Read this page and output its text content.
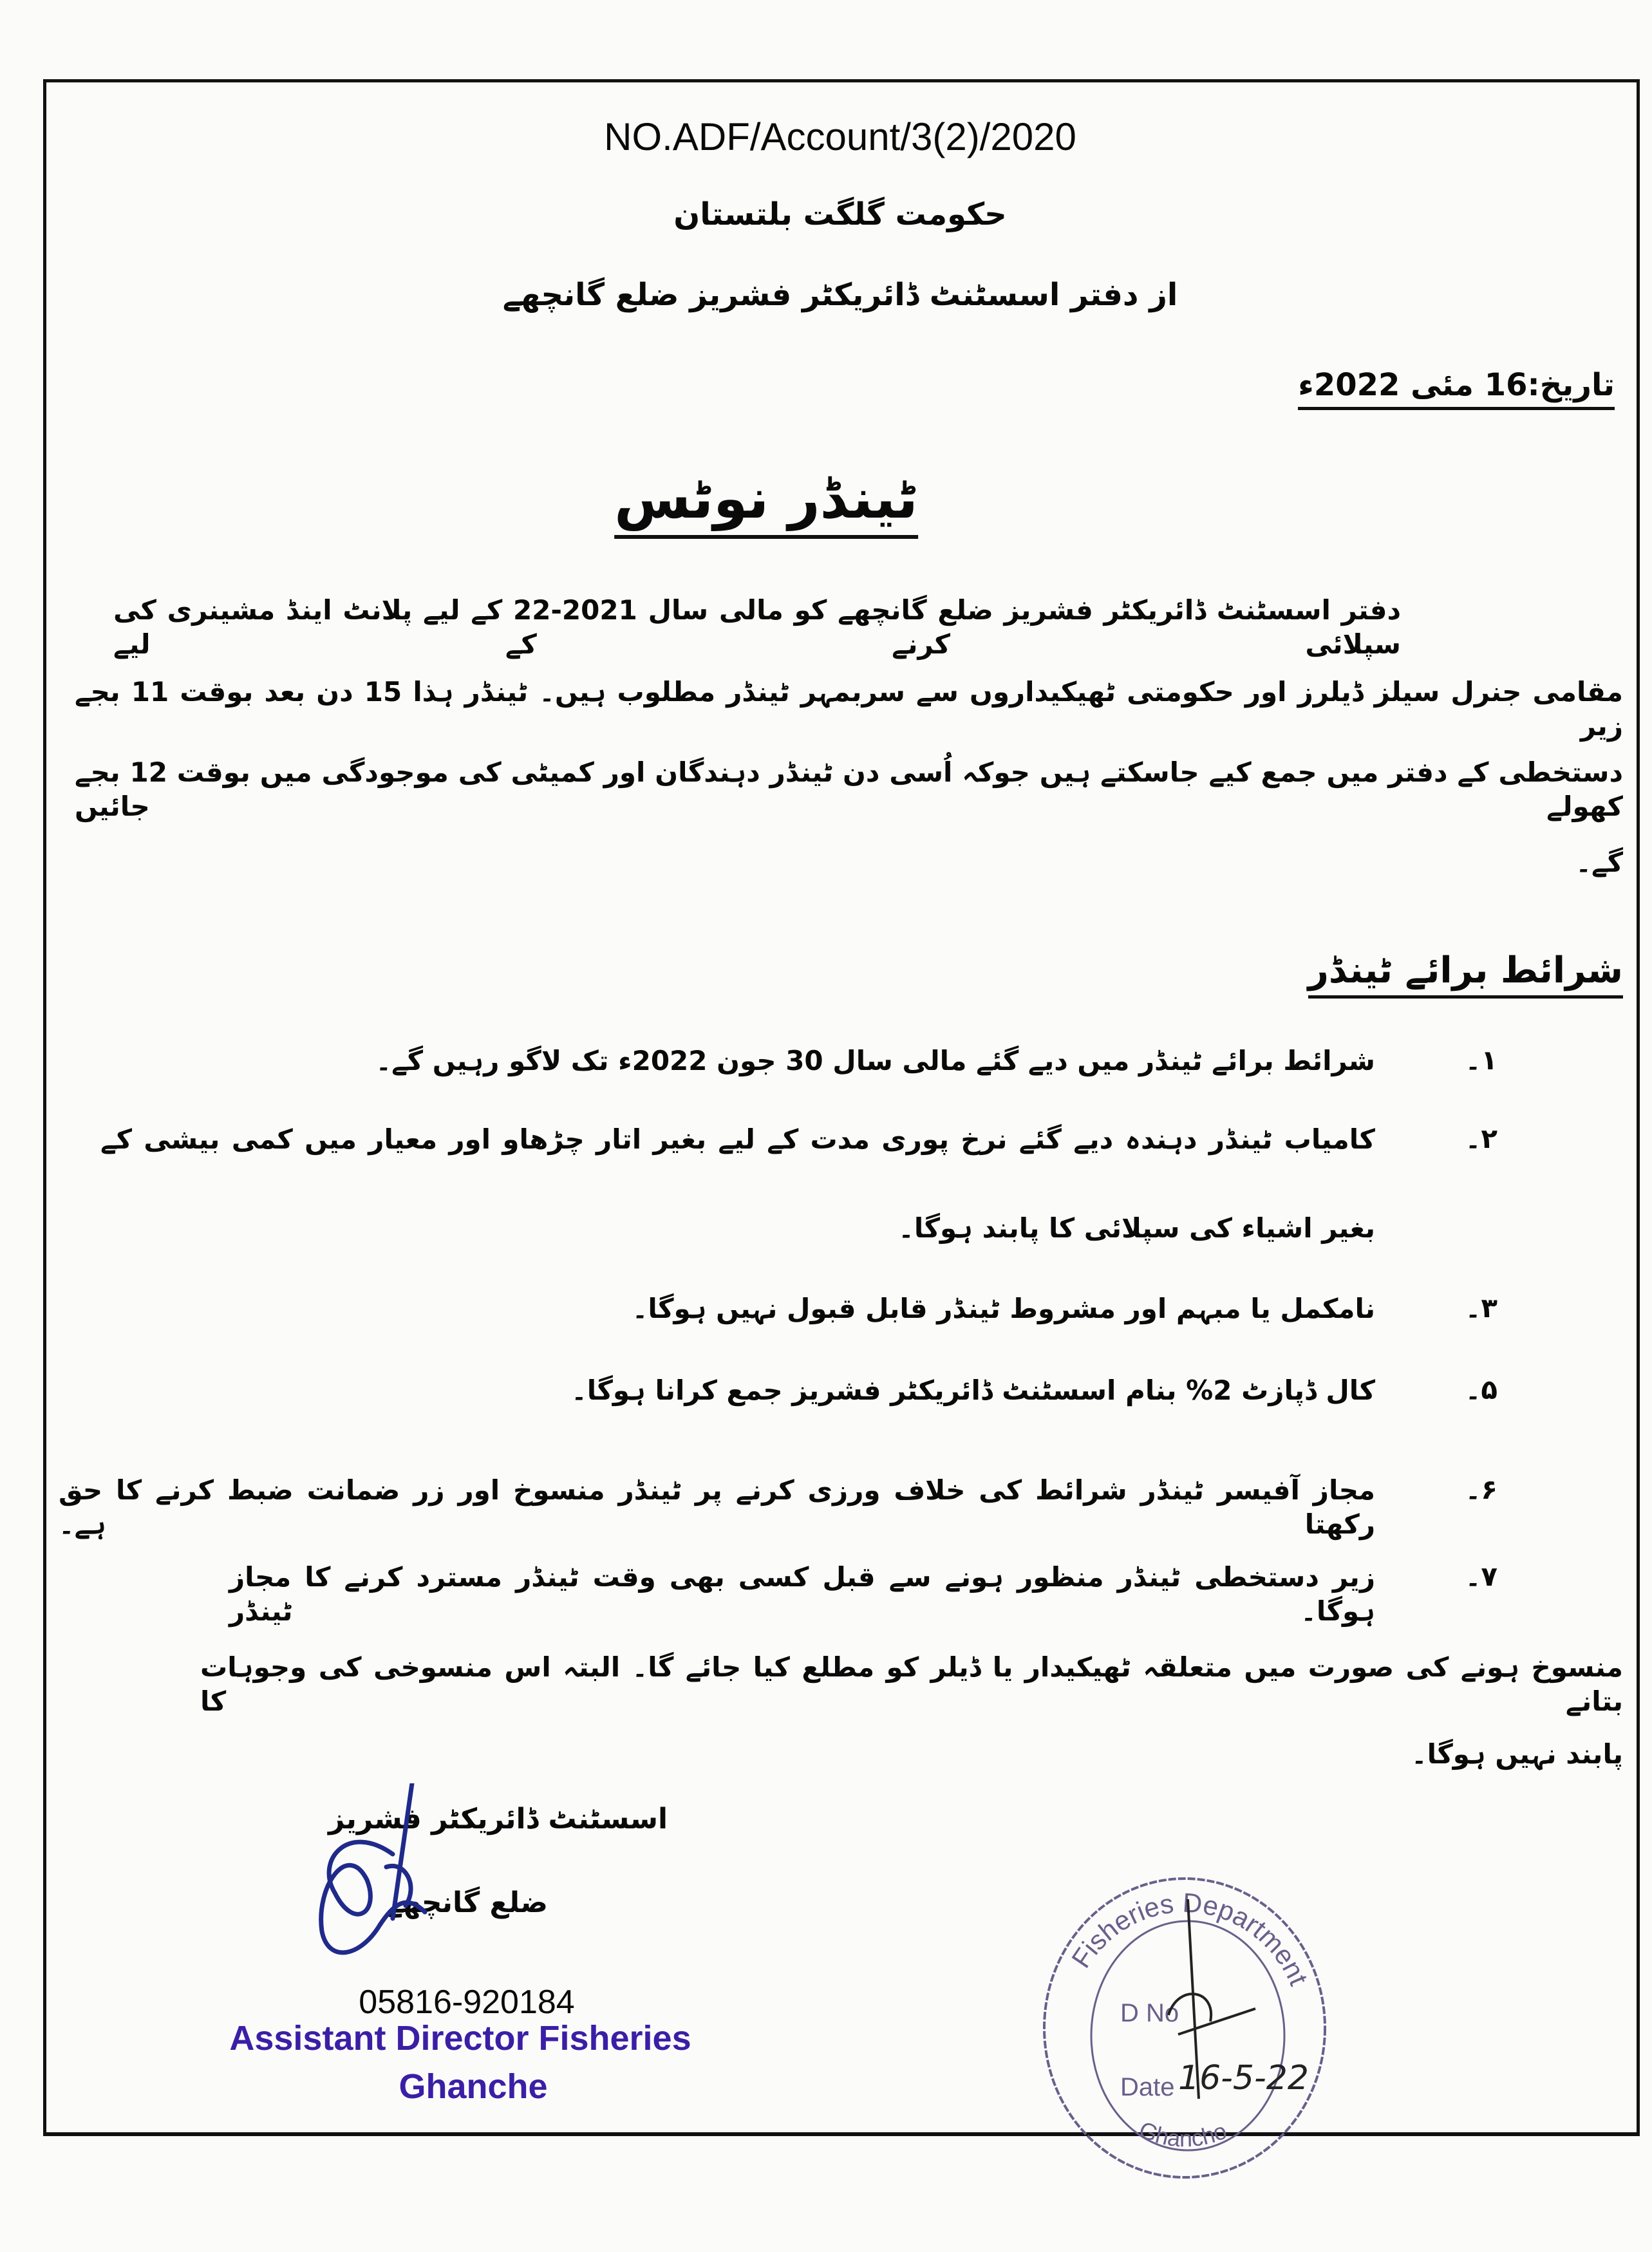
NO.ADF/Account/3(2)/2020
حکومت گلگت بلتستان
از دفتر اسسٹنٹ ڈائریکٹر فشریز ضلع گانچھے
تاریخ:16 مئی 2022ء
ٹینڈر نوٹس
دفتر اسسٹنٹ ڈائریکٹر فشریز ضلع گانچھے کو مالی سال 2021-22 کے لیے پلانٹ اینڈ مشینری کی سپلائی کرنے کے لیے
مقامی جنرل سیلز ڈیلرز اور حکومتی ٹھیکیداروں سے سربمہر ٹینڈر مطلوب ہیں۔ ٹینڈر ہذا 15 دن بعد بوقت 11 بجے زیر
دستخطی کے دفتر میں جمع کیے جاسکتے ہیں جوکہ اُسی دن ٹینڈر دہندگان اور کمیٹی کی موجودگی میں بوقت 12 بجے کھولے جائیں
گے۔
شرائط برائے ٹینڈر
۱۔
شرائط برائے ٹینڈر میں دیے گئے مالی سال 30 جون 2022ء تک لاگو رہیں گے۔
۲۔
کامیاب ٹینڈر دہندہ دیے گئے نرخ پوری مدت کے لیے بغیر اتار چڑھاو اور معیار میں کمی بیشی کے
بغیر اشیاء کی سپلائی کا پابند ہوگا۔
۳۔
نامکمل یا مبہم اور مشروط ٹینڈر قابل قبول نہیں ہوگا۔
۵۔
کال ڈپازٹ 2% بنام اسسٹنٹ ڈائریکٹر فشریز جمع کرانا ہوگا۔
۶۔
مجاز آفیسر ٹینڈر شرائط کی خلاف ورزی کرنے پر ٹینڈر منسوخ اور زر ضمانت ضبط کرنے کا حق رکھتا ہے۔
۷۔
زیر دستخطی ٹینڈر منظور ہونے سے قبل کسی بھی وقت ٹینڈر مسترد کرنے کا مجاز ہوگا۔ ٹینڈر
منسوخ ہونے کی صورت میں متعلقہ ٹھیکیدار یا ڈیلر کو مطلع کیا جائے گا۔ البتہ اس منسوخی کی وجوہات بتانے کا
پابند نہیں ہوگا۔
اسسٹنٹ ڈائریکٹر فشریز
ضلع گانچھے
05816-920184
Assistant Director Fisheries
Ghanche
Fisheries Department
D No
Date 16-5-22
Ghancho
